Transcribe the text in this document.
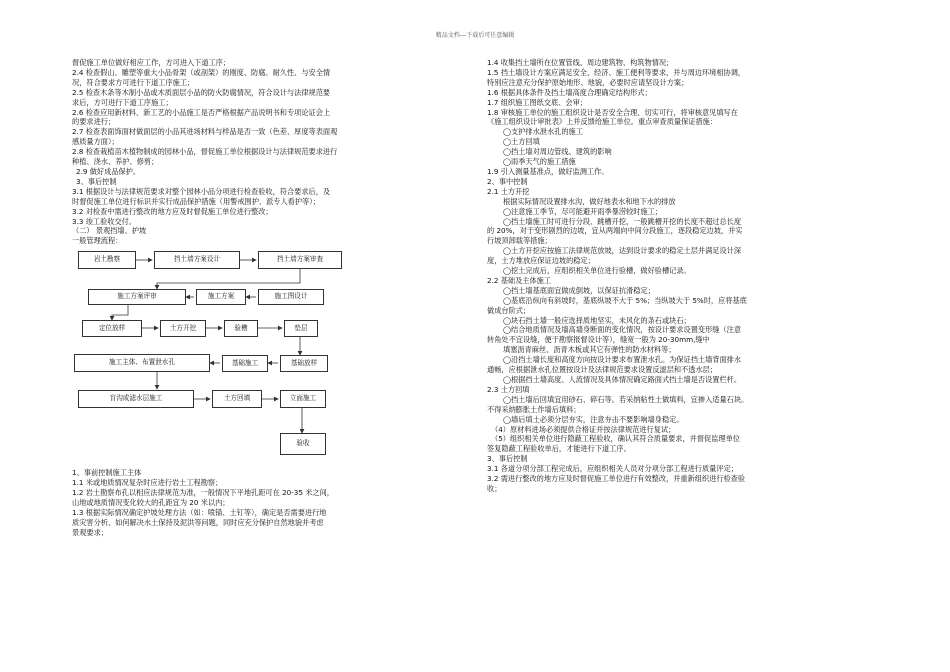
精品文档---下载后可任意编辑

督促施工单位做好相应工作，方可进入下道工序；

2.4 检查假山、雕塑等重大小品骨架（或剖架）的刚度、防腐、耐久性、与安全情

况，符合要求方可进行下道工序施工；

2.5 检查木条等木制小品或木质面层小品的防火防腐情况，符合设计与法律规范要

求后，方可进行下道工序施工；

2.6 检查应用新材料、新工艺的小品施工是否严格根据产品说明书和专项论证会上

的要求进行；

2.7 检查表面饰面材做面层的小品其进场材料与样品是否一致（色差、厚度等表面观

感质量方面）；

2.8 检查栽植苗木植物制成的园林小品，督促施工单位根据设计与法律规范要求进行

种植、浇水、养护、修剪；

2.9 做好成品保护。

3、事后控制

3.1 根据设计与法律规范要求对整个园林小品分项进行检查验收，符合要求后，及

时督促施工单位进行标识并实行成品保护措施（用警戒围护、派专人看护等）；

3.2 对检查中需进行整改的地方应及时督促施工单位进行整改；

3.3 竣工验收交付。

（二） 景观挡墙、护坡

一般管理流程：

岩土勘察	挡土墙方案设计	挡土墙方案审查
施工方案评审	施工方案	施工图设计
定位放样	土方开挖	验槽	垫层
施工主体、布置泄水孔	基础施工	基础放样
盲沟或滤水层施工	土方回填	立面施工
验收

1、事前控制施工主体

1.1 米或地质情况复杂时应进行岩土工程勘察；

1.2 岩土勘察布孔以相应法律规范为准，一般情况下平地孔距可在 20-35 米之间，

山地或地质情况变化较大的孔距宜为 20 米以内；

1.3 根据实际情况确定护坡处理方法（如：喷锚、土钉等），确定是否需要进行地

质灾害分析、如何解决水土保持及泥洪等问题，同时应充分保护自然地貌并考虑

景观要求；

1.4 收集挡土墙所在位置管线、周边建筑物、构筑物情况；

1.5 挡土墙设计方案应满足安全、经济、施工便利等要求，并与周边环境相协调，

特别应注意充分保护原始地形、地貌，必要时应请坚设计方案；

1.6 根据具体条件及挡土墙高度合理确定结构形式；

1.7 组织施工图纸交底、会审；

1.8 审核施工单位的施工组织设计是否安全合理、切实可行，将审核意见填写在

《施工组织设计审批表》上并反馈给施工单位。重点审查质量保证措施：

◯支护排水泄水孔的施工

◯土方回填

◯挡土墙对周边管线、建筑的影响

◯雨季天气的施工措施

1.9 引入测量基准点，做好监测工作。

2、事中控制

2.1 土方开挖

根据实际情况设置排水沟，做好地表水和地下水的排放

◯注意施工季节，尽可能避开雨季暴涝较时施工；

◯挡土墙施工时可进行分段、跳槽开挖，一般跳槽开挖的长度不超过总长度

的 20%，对于变形剧烈的边坡，宜从两端向中间分段施工，逐段稳定边坡，并实

行坡顶卸载等措施；

◯土方开挖应按施工法律规范放坡，达到设计要求的稳定土层并满足设计深

度，土方堆放应保证边坡的稳定；

◯挖土完成后，应组织相关单位进行验槽，做好验槽记录。

2.2 基础及主体施工

◯挡土墙基底面宜做成倒坡，以保证抗滑稳定；

◯基底沿纵向有斜坡时，基底纵坡不大于 5%；当纵坡大于 5%时，应将基底

做成台阶式；

◯块石挡土墙一般应选择质地坚实，未风化的条石或块石；

◯结合地质情况及墙高墙身断面的变化情况，按设计要求设置变形缝（注意

转角处不宜设缝，便于勘察报督设计等），缝宽一般为 20-30mm,缝中

填塞沥青麻丝、沥青木板或其它有弹性的防水材料等；

◯沿挡土墙长度和高度方向按设计要求布置泄水孔。为保证挡土墙背面排水

通畅，应根据泄水孔位置按设计及法律规范要求设置反滤层和不透水层；

◯根据挡土墙高度、人流情况及具体情况确定路面式挡土墙是否设置栏杆。

2.3 土方回填

◯挡土墙后回填宜用砂石、碎石等。若采纳粘性土做填料，宜掺入适量石块。

不得采纳膨胀土作墙后填料；

◯墙后填土必须分层夯实，注意夯击不要影响墙身稳定。

（4）原材料进场必须提供合格证并按法律规范进行复试；

（5）组织相关单位进行隐蔽工程验收，确认其符合质量要求，并督促监理单位

签复隐蔽工程验收单后，才能进行下道工序。

3、事后控制

3.1 各道分项分部工程完成后，应组织相关人员对分项分部工程进行质量评定；

3.2 需进行整改的地方应及时督促施工单位进行有效整改，并重新组织进行检查验

收；
